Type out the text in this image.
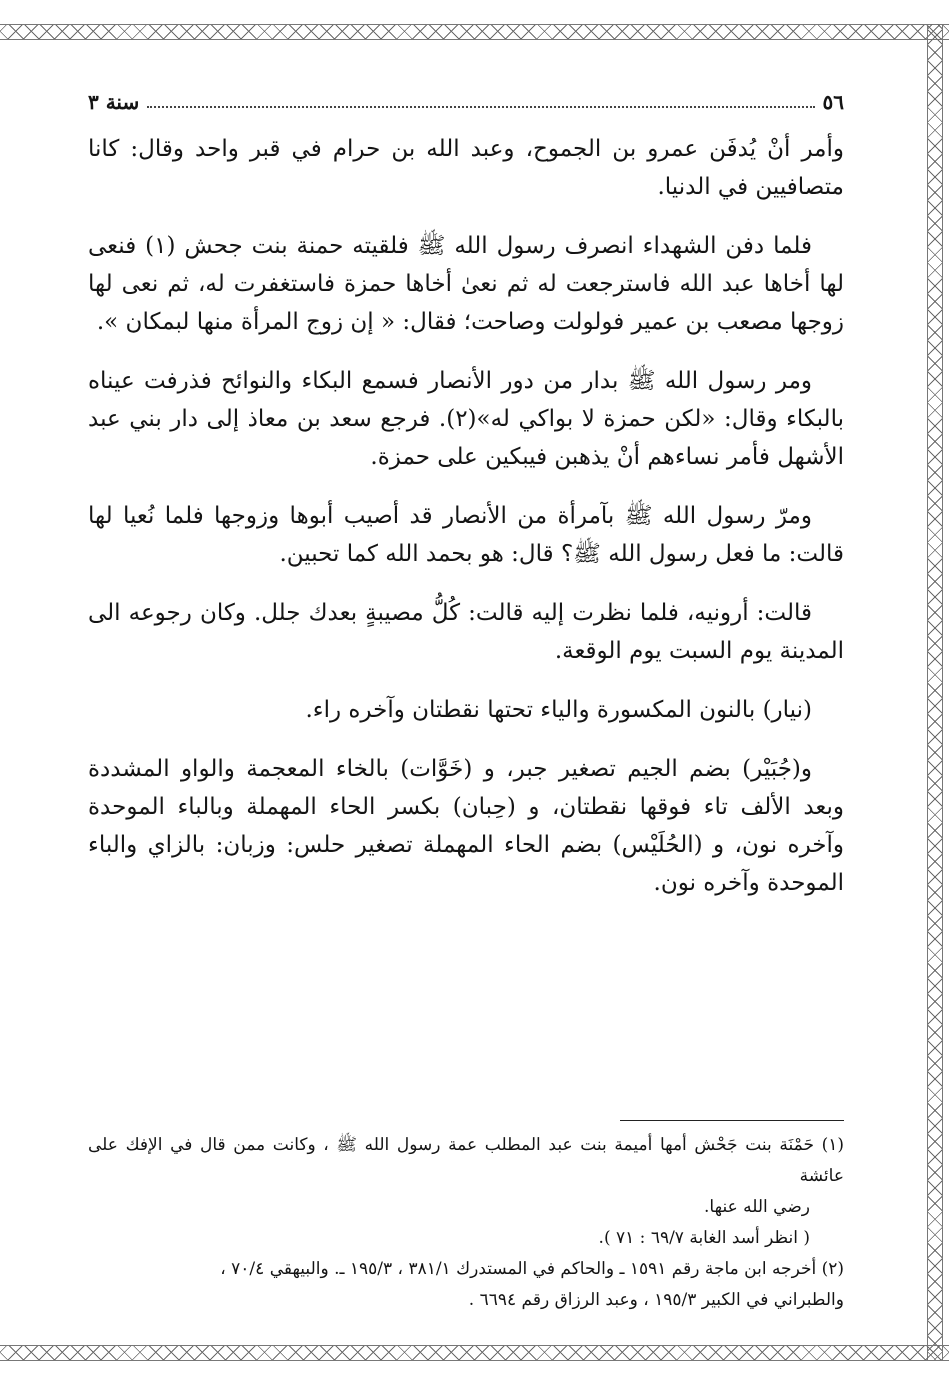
٥٦
سنة ٣

وأمر أنْ يُدفَن عمرو بن الجموح، وعبد الله بن حرام في قبر واحد وقال: كانا متصافيين في الدنيا.

فلما دفن الشهداء انصرف رسول الله ﷺ فلقيته حمنة بنت جحش (١) فنعى لها أخاها عبد الله فاسترجعت له ثم نعىٰ أخاها حمزة فاستغفرت له، ثم نعى لها زوجها مصعب بن عمير فولولت وصاحت؛ فقال: « إن زوج المرأة منها لبمكان ».

ومر رسول الله ﷺ بدار من دور الأنصار فسمع البكاء والنوائح فذرفت عيناه بالبكاء وقال: «لكن حمزة لا بواكي له»(٢). فرجع سعد بن معاذ إلى دار بني عبد الأشهل فأمر نساءهم أنْ يذهبن فيبكين على حمزة.

ومرّ رسول الله ﷺ بآمرأة من الأنصار قد أصيب أبوها وزوجها فلما نُعيا لها قالت: ما فعل رسول الله ﷺ؟ قال: هو بحمد الله كما تحبين.

قالت: أرونيه، فلما نظرت إليه قالت: كُلُّ مصيبةٍ بعدك جلل. وكان رجوعه الى المدينة يوم السبت يوم الوقعة.

(نيار) بالنون المكسورة والياء تحتها نقطتان وآخره راء.

و(جُبَيْر) بضم الجيم تصغير جبر، و (خَوَّات) بالخاء المعجمة والواو المشددة وبعد الألف تاء فوقها نقطتان، و (حِبان) بكسر الحاء المهملة وبالباء الموحدة وآخره نون، و (الحُلَيْس) بضم الحاء المهملة تصغير حلس: وزبان: بالزاي والباء الموحدة وآخره نون.

(١) حَمْنَة بنت جَحْش أمها أميمة بنت عبد المطلب عمة رسول الله ﷺ ، وكانت ممن قال في الإفك على عائشة

رضي الله عنها.

( انظر أسد الغابة ٦٩/٧ : ٧١ ).

(٢) أخرجه ابن ماجة رقم ١٥٩١ ـ والحاكم في المستدرك ٣٨١/١ ، ١٩٥/٣ ـ. والبيهقي ٧٠/٤ ،

والطبراني في الكبير ١٩٥/٣ ، وعبد الرزاق رقم ٦٦٩٤ .
